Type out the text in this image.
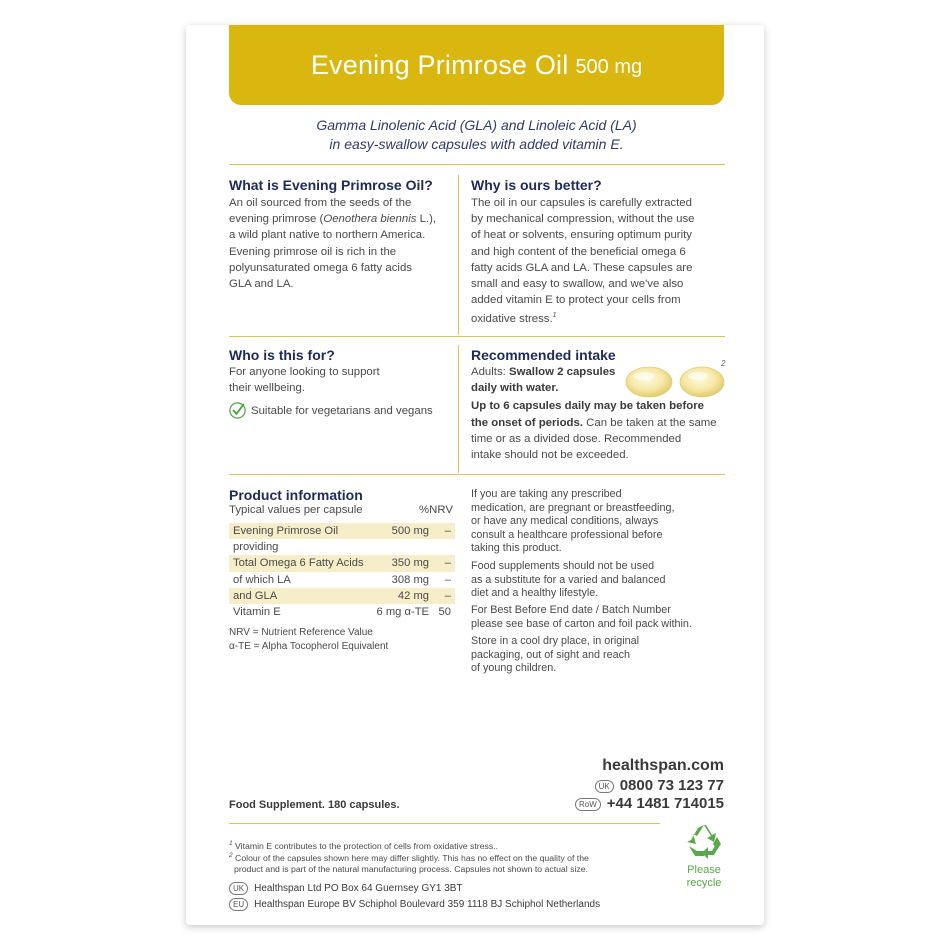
Evening Primrose Oil 500 mg
Gamma Linolenic Acid (GLA) and Linoleic Acid (LA)
in easy-swallow capsules with added vitamin E.
What is Evening Primrose Oil?
An oil sourced from the seeds of the
evening primrose (Oenothera biennis L.),
a wild plant native to northern America.
Evening primrose oil is rich in the
polyunsaturated omega 6 fatty acids
GLA and LA.
Why is ours better?
The oil in our capsules is carefully extracted
by mechanical compression, without the use
of heat or solvents, ensuring optimum purity
and high content of the beneficial omega 6
fatty acids GLA and LA. These capsules are
small and easy to swallow, and we've also
added vitamin E to protect your cells from
oxidative stress.$^1$
Who is this for?
For anyone looking to support
their wellbeing.
Suitable for vegetarians and vegans
Recommended intake
Adults: Swallow 2 capsules
daily with water.
Up to 6 capsules daily may be taken before
the onset of periods. Can be taken at the same
time or as a divided dose. Recommended
intake should not be exceeded.
2
Product information
Typical values per capsule	%NRV
Evening Primrose Oil	500 mg –
providing
Total Omega 6 Fatty Acids	350 mg –
of which LA	308 mg –
and GLA	42 mg –
Vitamin E	6 mg α-TE 50
NRV = Nutrient Reference Value
α-TE = Alpha Tocopherol Equivalent
If you are taking any prescribed
medication, are pregnant or breastfeeding,
or have any medical conditions, always
consult a healthcare professional before
taking this product.
Food supplements should not be used
as a substitute for a varied and balanced
diet and a healthy lifestyle.
For Best Before End date / Batch Number
please see base of carton and foil pack within.
Store in a cool dry place, in original
packaging, out of sight and reach
of young children.
healthspan.com
UK 0800 73 123 77
RoW +44 1481 714015
Food Supplement. 180 capsules.
$^1$ Vitamin E contributes to the protection of cells from oxidative stress..
$^2$ Colour of the capsules shown here may differ slightly. This has no effect on the quality of the
product and is part of the natural manufacturing process. Capsules not shown to actual size.
UK Healthspan Ltd PO Box 64 Guernsey GY1 3BT
EU Healthspan Europe BV Schiphol Boulevard 359 1118 BJ Schiphol Netherlands
Please
recycle
